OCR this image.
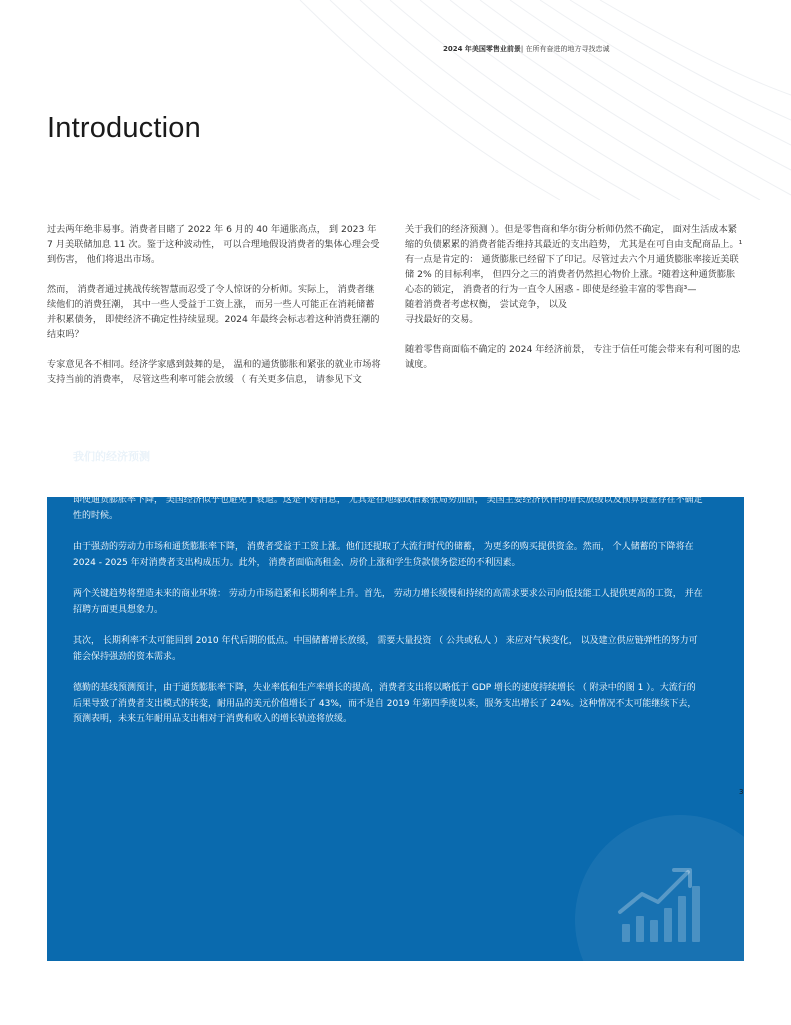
2024 年美国零售业前景| 在所有奋进的地方寻找忠诚
Introduction

过去两年绝非易事。消费者目睹了 2022 年 6 月的 40 年通胀高点， 到 2023 年 7 月美联储加息 11 次。鉴于这种波动性， 可以合理地假设消费者的集体心理会受到伤害， 他们将退出市场。

然而， 消费者通过挑战传统智慧而忍受了令人惊讶的分析师。实际上， 消费者继续他们的消费狂潮， 其中一些人受益于工资上涨， 而另一些人可能正在消耗储蓄并积累债务， 即使经济不确定性持续显现。2024 年最终会标志着这种消费狂潮的结束吗？

专家意见各不相同。经济学家感到鼓舞的是， 温和的通货膨胀和紧张的就业市场将支持当前的消费率， 尽管这些利率可能会放缓 （ 有关更多信息， 请参见下文

关于我们的经济预测 ）。但是零售商和华尔街分析师仍然不确定， 面对生活成本紧缩的负债累累的消费者能否维持其最近的支出趋势， 尤其是在可自由支配商品上。¹有一点是肯定的： 通货膨胀已经留下了印记。尽管过去六个月通货膨胀率接近美联储 2% 的目标利率， 但四分之三的消费者仍然担心物价上涨。²随着这种通货膨胀心态的锁定， 消费者的行为一直令人困惑 - 即使是经验丰富的零售商³—

随着消费者考虑权衡， 尝试竞争， 以及

寻找最好的交易。

随着零售商面临不确定的 2024 年经济前景， 专注于信任可能会带来有利可图的忠诚度。

我们的经济预测

即使通货膨胀率下降， 美国经济似乎也避免了衰退。这是个好消息， 尤其是在地缘政治紧张局势加剧， 美国主要经济伙伴的增长放缓以及预算资金存在不确定性的时候。

由于强劲的劳动力市场和通货膨胀率下降， 消费者受益于工资上涨。他们还提取了大流行时代的储蓄， 为更多的购买提供资金。然而， 个人储蓄的下降将在 2024 - 2025 年对消费者支出构成压力。此外， 消费者面临高租金、房价上涨和学生贷款债务偿还的不利因素。

两个关键趋势将塑造未来的商业环境： 劳动力市场趋紧和长期利率上升。首先， 劳动力增长缓慢和持续的高需求要求公司向低技能工人提供更高的工资， 并在招聘方面更具想象力。

其次， 长期利率不太可能回到 2010 年代后期的低点。中国储蓄增长放缓， 需要大量投资 （ 公共或私人 ） 来应对气候变化， 以及建立供应链弹性的努力可能会保持强劲的资本需求。

德勤的基线预测预计，由于通货膨胀率下降，失业率低和生产率增长的提高，消费者支出将以略低于 GDP 增长的速度持续增长 （ 附录中的图 1 ）。大流行的后果导致了消费者支出模式的转变，耐用品的美元价值增长了 43%，而不是自 2019 年第四季度以来，服务支出增长了 24%。这种情况不太可能继续下去，预测表明，未来五年耐用品支出相对于消费和收入的增长轨迹将放缓。

3
